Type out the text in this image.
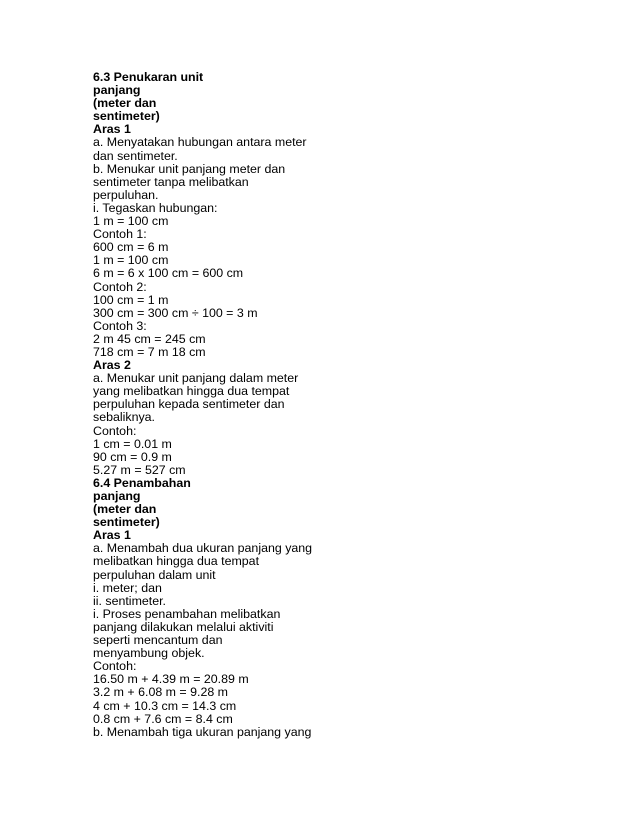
6.3 Penukaran unit
panjang
(meter dan
sentimeter)
Aras 1
a. Menyatakan hubungan antara meter
dan sentimeter.
b. Menukar unit panjang meter dan
sentimeter tanpa melibatkan
perpuluhan.
i. Tegaskan hubungan:
1 m = 100 cm
Contoh 1:
600 cm = 6 m
1 m = 100 cm
6 m = 6 x 100 cm = 600 cm
Contoh 2:
100 cm = 1 m
300 cm = 300 cm ÷ 100 = 3 m
Contoh 3:
2 m 45 cm = 245 cm
718 cm = 7 m 18 cm
Aras 2
a. Menukar unit panjang dalam meter
yang melibatkan hingga dua tempat
perpuluhan kepada sentimeter dan
sebaliknya.
Contoh:
1 cm = 0.01 m
90 cm = 0.9 m
5.27 m = 527 cm
6.4 Penambahan
panjang
(meter dan
sentimeter)
Aras 1
a. Menambah dua ukuran panjang yang
melibatkan hingga dua tempat
perpuluhan dalam unit
i. meter; dan
ii. sentimeter.
i. Proses penambahan melibatkan
panjang dilakukan melalui aktiviti
seperti mencantum dan
menyambung objek.
Contoh:
16.50 m + 4.39 m = 20.89 m
3.2 m + 6.08 m = 9.28 m
4 cm + 10.3 cm = 14.3 cm
0.8 cm + 7.6 cm = 8.4 cm
b. Menambah tiga ukuran panjang yang
